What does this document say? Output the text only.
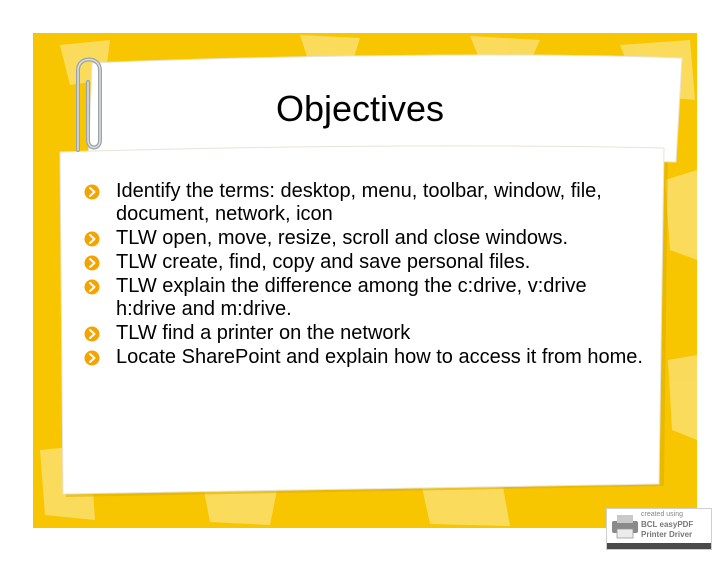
Objectives
Identify the terms: desktop, menu, toolbar, window, file, document, network, icon
TLW open, move, resize, scroll and close windows.
TLW create, find, copy and save personal files.
TLW explain the difference among the c:drive, v:drive h:drive and m:drive.
TLW find a printer on the network
Locate SharePoint and explain how to access it from home.
created using
BCL easyPDF
Printer Driver
